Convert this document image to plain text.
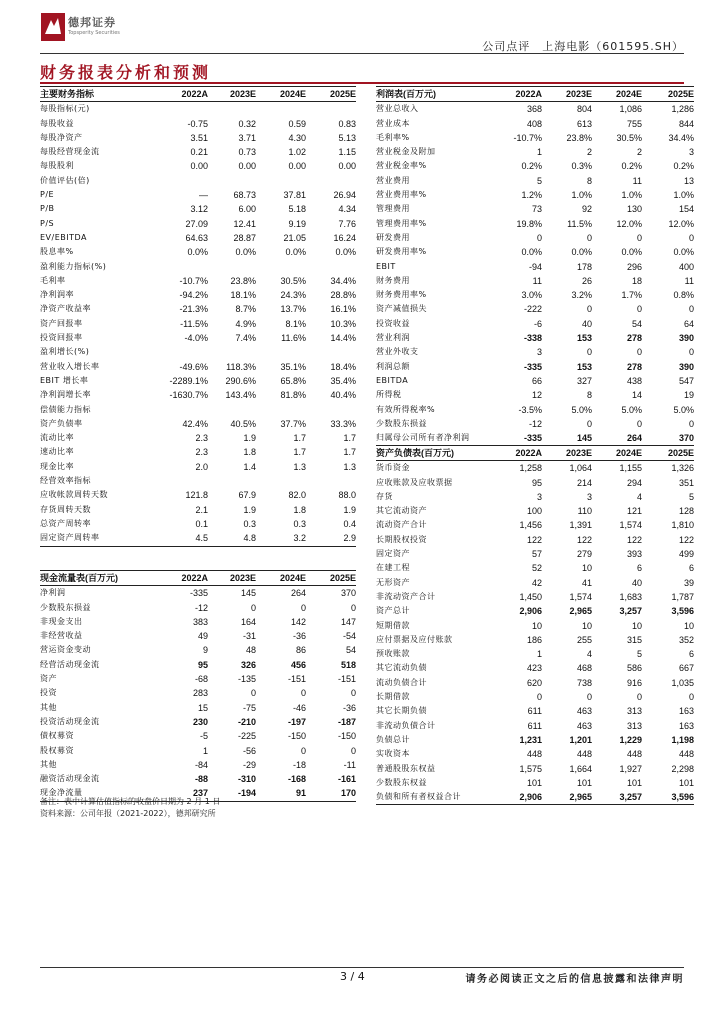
德邦证券
Topsperity Securities
公司点评　上海电影（601595.SH）
财务报表分析和预测
主要财务指标	2022A	2023E	2024E	2025E
每股指标(元)				
每股收益	-0.75	0.32	0.59	0.83
每股净资产	3.51	3.71	4.30	5.13
每股经营现金流	0.21	0.73	1.02	1.15
每股股利	0.00	0.00	0.00	0.00
价值评估(倍)				
P/E	—	68.73	37.81	26.94
P/B	3.12	6.00	5.18	4.34
P/S	27.09	12.41	9.19	7.76
EV/EBITDA	64.63	28.87	21.05	16.24
股息率%	0.0%	0.0%	0.0%	0.0%
盈利能力指标(%)				
毛利率	-10.7%	23.8%	30.5%	34.4%
净利润率	-94.2%	18.1%	24.3%	28.8%
净资产收益率	-21.3%	8.7%	13.7%	16.1%
资产回报率	-11.5%	4.9%	8.1%	10.3%
投资回报率	-4.0%	7.4%	11.6%	14.4%
盈利增长(%)				
营业收入增长率	-49.6%	118.3%	35.1%	18.4%
EBIT 增长率	-2289.1%	290.6%	65.8%	35.4%
净利润增长率	-1630.7%	143.4%	81.8%	40.4%
偿债能力指标				
资产负债率	42.4%	40.5%	37.7%	33.3%
流动比率	2.3	1.9	1.7	1.7
速动比率	2.3	1.8	1.7	1.7
现金比率	2.0	1.4	1.3	1.3
经营效率指标				
应收帐款周转天数	121.8	67.9	82.0	88.0
存货周转天数	2.1	1.9	1.8	1.9
总资产周转率	0.1	0.3	0.3	0.4
固定资产周转率	4.5	4.8	3.2	2.9
利润表(百万元)	2022A	2023E	2024E	2025E
营业总收入	368	804	1,086	1,286
营业成本	408	613	755	844
毛利率%	-10.7%	23.8%	30.5%	34.4%
营业税金及附加	1	2	2	3
营业税金率%	0.2%	0.3%	0.2%	0.2%
营业费用	5	8	11	13
营业费用率%	1.2%	1.0%	1.0%	1.0%
管理费用	73	92	130	154
管理费用率%	19.8%	11.5%	12.0%	12.0%
研发费用	0	0	0	0
研发费用率%	0.0%	0.0%	0.0%	0.0%
EBIT	-94	178	296	400
财务费用	11	26	18	11
财务费用率%	3.0%	3.2%	1.7%	0.8%
资产减值损失	-222	0	0	0
投资收益	-6	40	54	64
营业利润	-338	153	278	390
营业外收支	3	0	0	0
利润总额	-335	153	278	390
EBITDA	66	327	438	547
所得税	12	8	14	19
有效所得税率%	-3.5%	5.0%	5.0%	5.0%
少数股东损益	-12	0	0	0
归属母公司所有者净利润	-335	145	264	370
资产负债表(百万元)	2022A	2023E	2024E	2025E
货币资金	1,258	1,064	1,155	1,326
应收账款及应收票据	95	214	294	351
存货	3	3	4	5
其它流动资产	100	110	121	128
流动资产合计	1,456	1,391	1,574	1,810
长期股权投资	122	122	122	122
固定资产	57	279	393	499
在建工程	52	10	6	6
无形资产	42	41	40	39
非流动资产合计	1,450	1,574	1,683	1,787
资产总计	2,906	2,965	3,257	3,596
短期借款	10	10	10	10
应付票据及应付账款	186	255	315	352
预收账款	1	4	5	6
其它流动负债	423	468	586	667
流动负债合计	620	738	916	1,035
长期借款	0	0	0	0
其它长期负债	611	463	313	163
非流动负债合计	611	463	313	163
负债总计	1,231	1,201	1,229	1,198
实收资本	448	448	448	448
普通股股东权益	1,575	1,664	1,927	2,298
少数股东权益	101	101	101	101
负债和所有者权益合计	2,906	2,965	3,257	3,596
现金流量表(百万元)	2022A	2023E	2024E	2025E
净利润	-335	145	264	370
少数股东损益	-12	0	0	0
非现金支出	383	164	142	147
非经营收益	49	-31	-36	-54
营运资金变动	9	48	86	54
经营活动现金流	95	326	456	518
资产	-68	-135	-151	-151
投资	283	0	0	0
其他	15	-75	-46	-36
投资活动现金流	230	-210	-197	-187
债权募资	-5	-225	-150	-150
股权募资	1	-56	0	0
其他	-84	-29	-18	-11
融资活动现金流	-88	-310	-168	-161
现金净流量	237	-194	91	170
备注：表中计算估值指标的收盘价日期为 2 月 1 日
资料来源：公司年报（2021-2022），德邦研究所
3 / 4	请务必阅读正文之后的信息披露和法律声明
